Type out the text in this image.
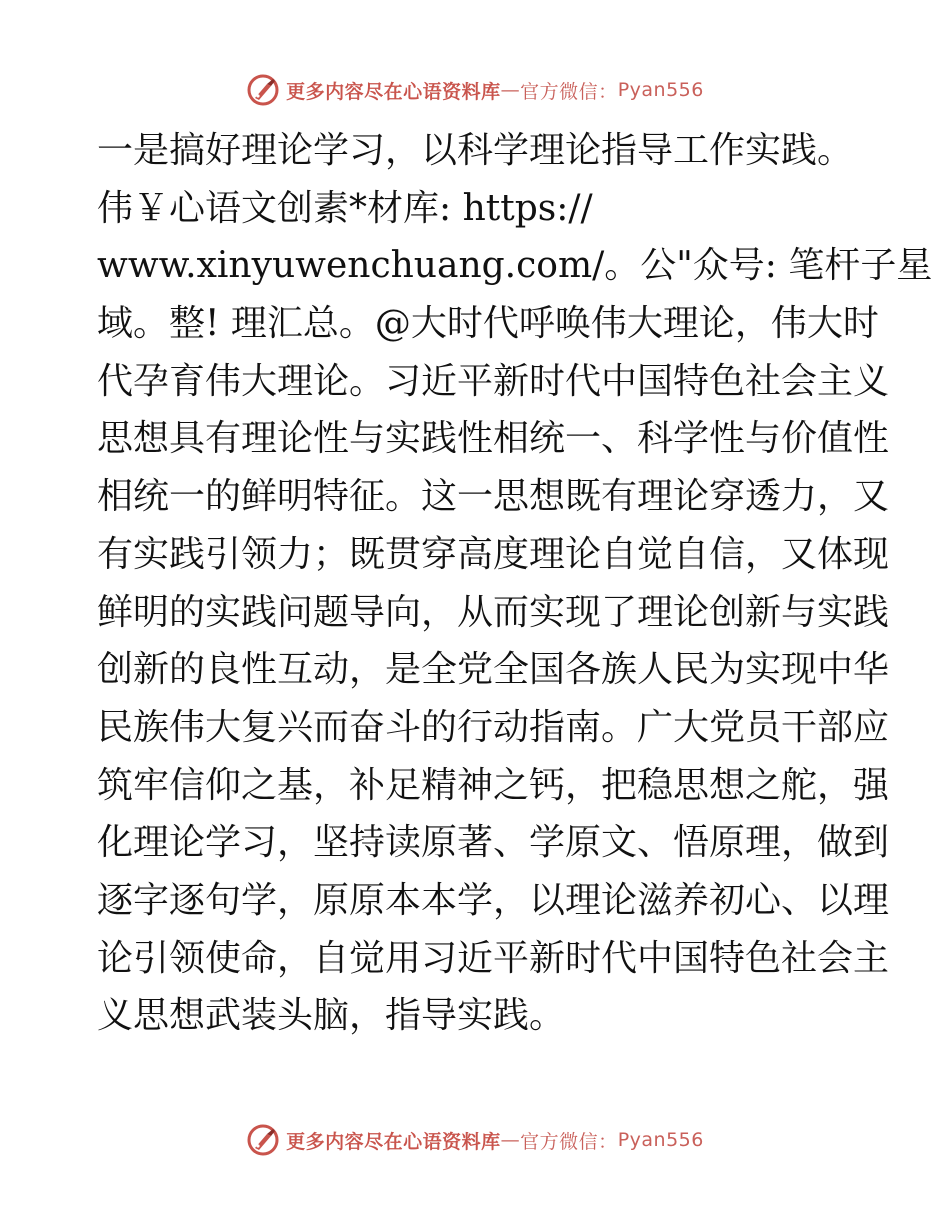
更多内容尽在心语资料库 — 官方微信： Pyan556
一是搞好理论学习，以科学理论指导工作实践。
伟￥心语文创素*材库: https://
www.xinyuwenchuang.com/。公"众号: 笔杆子星
域。整! 理汇总。@大时代呼唤伟大理论，伟大时
代孕育伟大理论。习近平新时代中国特色社会主义
思想具有理论性与实践性相统一、科学性与价值性
相统一的鲜明特征。这一思想既有理论穿透力，又
有实践引领力；既贯穿高度理论自觉自信，又体现
鲜明的实践问题导向，从而实现了理论创新与实践
创新的良性互动，是全党全国各族人民为实现中华
民族伟大复兴而奋斗的行动指南。广大党员干部应
筑牢信仰之基，补足精神之钙，把稳思想之舵，强
化理论学习，坚持读原著、学原文、悟原理，做到
逐字逐句学，原原本本学，以理论滋养初心、以理
论引领使命，自觉用习近平新时代中国特色社会主
义思想武装头脑，指导实践。
更多内容尽在心语资料库 — 官方微信： Pyan556
